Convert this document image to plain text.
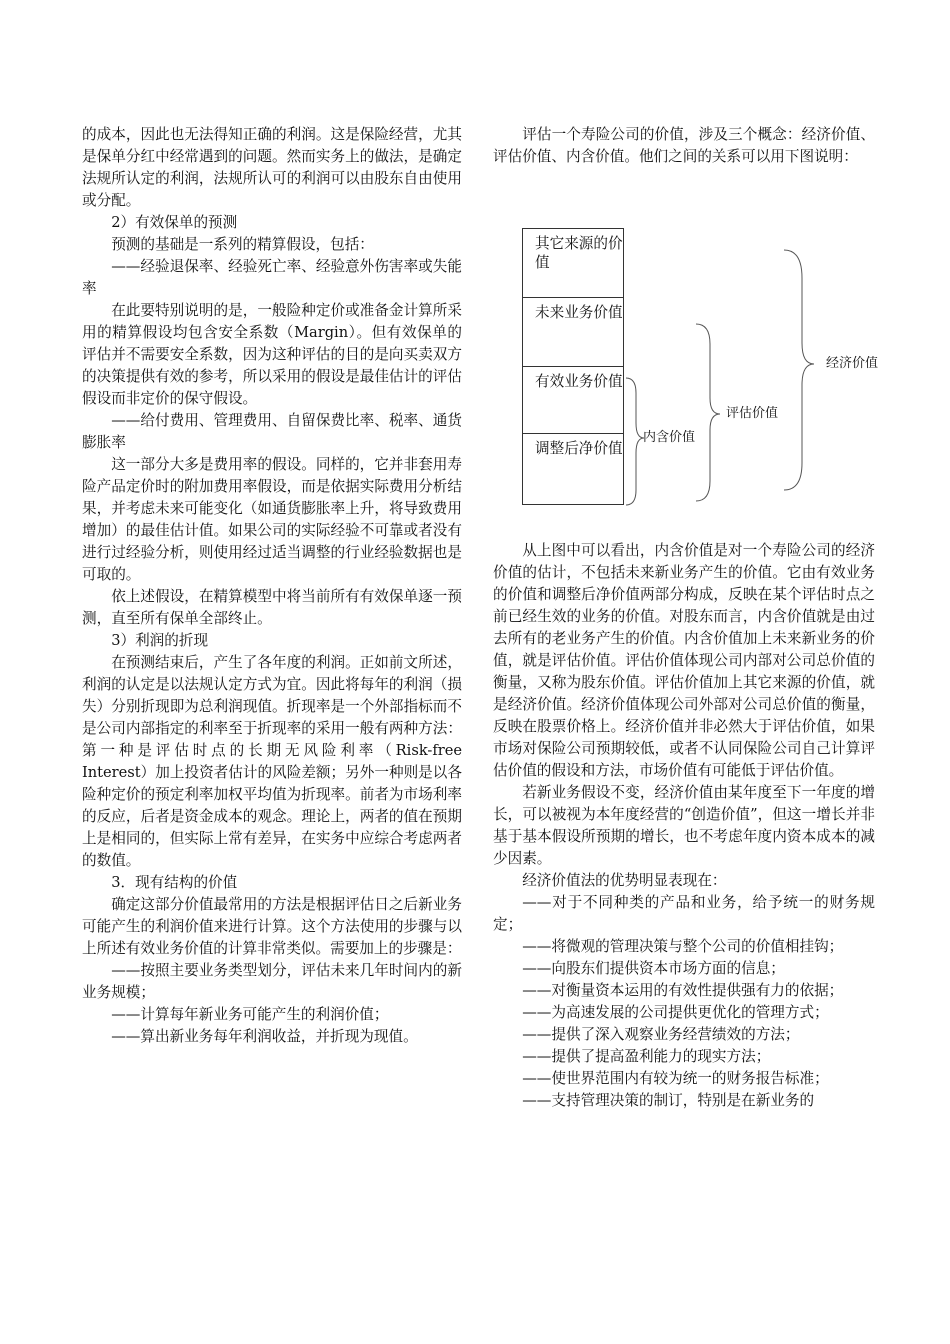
的成本，因此也无法得知正确的利润。这是保险经营，尤其是保单分红中经常遇到的问题。然而实务上的做法，是确定法规所认定的利润，法规所认可的利润可以由股东自由使用或分配。

2）有效保单的预测

预测的基础是一系列的精算假设，包括：

——经验退保率、经验死亡率、经验意外伤害率或失能率

在此要特别说明的是，一般险种定价或准备金计算所采用的精算假设均包含安全系数（Margin）。但有效保单的评估并不需要安全系数，因为这种评估的目的是向买卖双方的决策提供有效的参考，所以采用的假设是最佳估计的评估假设而非定价的保守假设。

——给付费用、管理费用、自留保费比率、税率、通货膨胀率

这一部分大多是费用率的假设。同样的，它并非套用寿险产品定价时的附加费用率假设，而是依据实际费用分析结果，并考虑未来可能变化（如通货膨胀率上升，将导致费用增加）的最佳估计值。如果公司的实际经验不可靠或者没有进行过经验分析，则使用经过适当调整的行业经验数据也是可取的。

依上述假设，在精算模型中将当前所有有效保单逐一预测，直至所有保单全部终止。

3）利润的折现

在预测结束后，产生了各年度的利润。正如前文所述，利润的认定是以法规认定方式为宜。因此将每年的利润（损失）分别折现即为总利润现值。折现率是一个外部指标而不是公司内部指定的利率至于折现率的采用一般有两种方法：第一种是评估时点的长期无风险利率（Risk-free Interest）加上投资者估计的风险差额；另外一种则是以各险种定价的预定利率加权平均值为折现率。前者为市场利率的反应，后者是资金成本的观念。理论上，两者的值在预期上是相同的，但实际上常有差异，在实务中应综合考虑两者的数值。

3．现有结构的价值

确定这部分价值最常用的方法是根据评估日之后新业务可能产生的利润价值来进行计算。这个方法使用的步骤与以上所述有效业务价值的计算非常类似。需要加上的步骤是：

——按照主要业务类型划分，评估未来几年时间内的新业务规模；

——计算每年新业务可能产生的利润价值；

——算出新业务每年利润收益，并折现为现值。

评估一个寿险公司的价值，涉及三个概念：经济价值、评估价值、内含价值。他们之间的关系可以用下图说明：

其它来源的价值
未来业务价值
有效业务价值
调整后净价值
内含价值
评估价值
经济价值

从上图中可以看出，内含价值是对一个寿险公司的经济价值的估计，不包括未来新业务产生的价值。它由有效业务的价值和调整后净价值两部分构成，反映在某个评估时点之前已经生效的业务的价值。对股东而言，内含价值就是由过去所有的老业务产生的价值。内含价值加上未来新业务的价值，就是评估价值。评估价值体现公司内部对公司总价值的衡量，又称为股东价值。评估价值加上其它来源的价值，就是经济价值。经济价值体现公司外部对公司总价值的衡量，反映在股票价格上。经济价值并非必然大于评估价值，如果市场对保险公司预期较低，或者不认同保险公司自己计算评估价值的假设和方法，市场价值有可能低于评估价值。

若新业务假设不变，经济价值由某年度至下一年度的增长，可以被视为本年度经营的“创造价值”，但这一增长并非基于基本假设所预期的增长，也不考虑年度内资本成本的减少因素。

经济价值法的优势明显表现在：

——对于不同种类的产品和业务，给予统一的财务规定；

——将微观的管理决策与整个公司的价值相挂钩；

——向股东们提供资本市场方面的信息；

——对衡量资本运用的有效性提供强有力的依据；

——为高速发展的公司提供更优化的管理方式；

——提供了深入观察业务经营绩效的方法；

——提供了提高盈利能力的现实方法；

——使世界范围内有较为统一的财务报告标准；

——支持管理决策的制订，特别是在新业务的
